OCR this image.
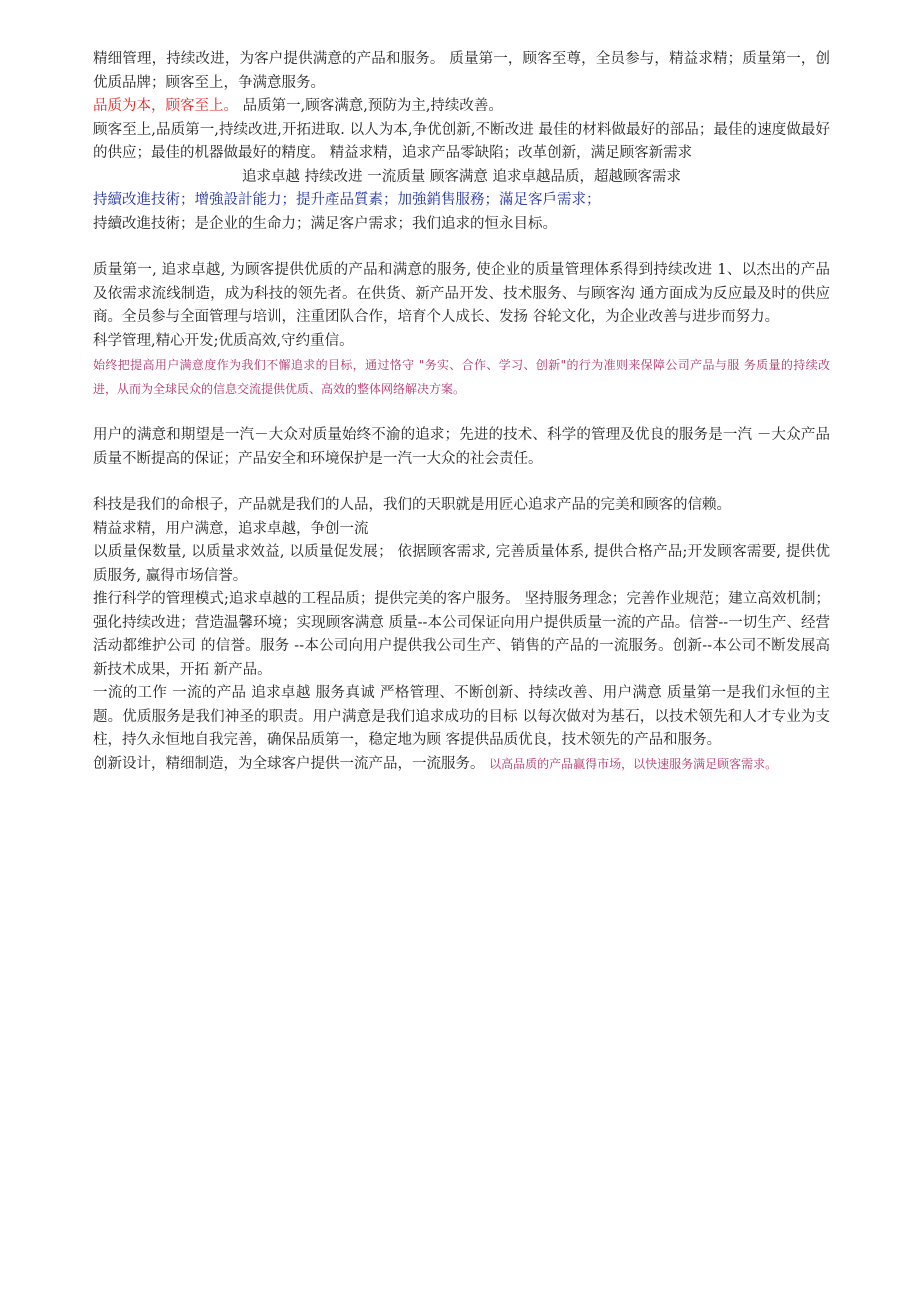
精细管理，持续改进，为客户提供满意的产品和服务。 质量第一，顾客至尊，全员参与，精益求精；质量第一，创优质品牌；顾客至上，争满意服务。

品质为本，顾客至上。 品质第一,顾客满意,预防为主,持续改善。

顾客至上,品质第一,持续改进,开拓进取. 以人为本,争优创新,不断改进 最佳的材料做最好的部品；最佳的速度做最好的供应；最佳的机器做最好的精度。 精益求精，追求产品零缺陷；改革创新，满足顾客新需求

追求卓越 持续改进 一流质量 顾客满意 追求卓越品质，超越顾客需求

持續改進技術；增強設計能力；提升產品質素；加強銷售服務；滿足客戶需求；

持續改進技術；是企业的生命力；满足客户需求；我们追求的恒永目标。

质量第一, 追求卓越, 为顾客提供优质的产品和满意的服务, 使企业的质量管理体系得到持续改进 1、以杰出的产品及依需求流线制造，成为科技的领先者。在供货、新产品开发、技术服务、与顾客沟 通方面成为反应最及时的供应商。全员参与全面管理与培训，注重团队合作，培育个人成长、发扬 谷轮文化，为企业改善与进步而努力。

科学管理,精心开发;优质高效,守约重信。

始终把提高用户满意度作为我们不懈追求的目标，通过恪守 "务实、合作、学习、创新"的行为准则来保障公司产品与服 务质量的持续改进，从而为全球民众的信息交流提供优质、高效的整体网络解决方案。

用户的满意和期望是一汽－大众对质量始终不渝的追求；先进的技术、科学的管理及优良的服务是一汽 －大众产品质量不断提高的保证；产品安全和环境保护是一汽一大众的社会责任。

科技是我们的命根子，产品就是我们的人品，我们的天职就是用匠心追求产品的完美和顾客的信赖。

精益求精，用户满意，追求卓越，争创一流

以质量保数量, 以质量求效益, 以质量促发展； 依据顾客需求, 完善质量体系, 提供合格产品;开发顾客需要, 提供优质服务, 赢得市场信誉。

推行科学的管理模式;追求卓越的工程品质；提供完美的客户服务。 坚持服务理念；完善作业规范；建立高效机制；强化持续改进；营造温馨环境；实现顾客满意 质量--本公司保证向用户提供质量一流的产品。信誉--一切生产、经营活动都维护公司 的信誉。服务 --本公司向用户提供我公司生产、销售的产品的一流服务。创新--本公司不断发展高新技术成果，开拓 新产品。

一流的工作 一流的产品 追求卓越 服务真诚 严格管理、不断创新、持续改善、用户满意 质量第一是我们永恒的主题。优质服务是我们神圣的职责。用户满意是我们追求成功的目标 以每次做对为基石，以技术领先和人才专业为支柱，持久永恒地自我完善，确保品质第一，稳定地为顾 客提供品质优良，技术领先的产品和服务。

创新设计，精细制造，为全球客户提供一流产品，一流服务。 以高品质的产品赢得市场，以快速服务满足顾客需求。
